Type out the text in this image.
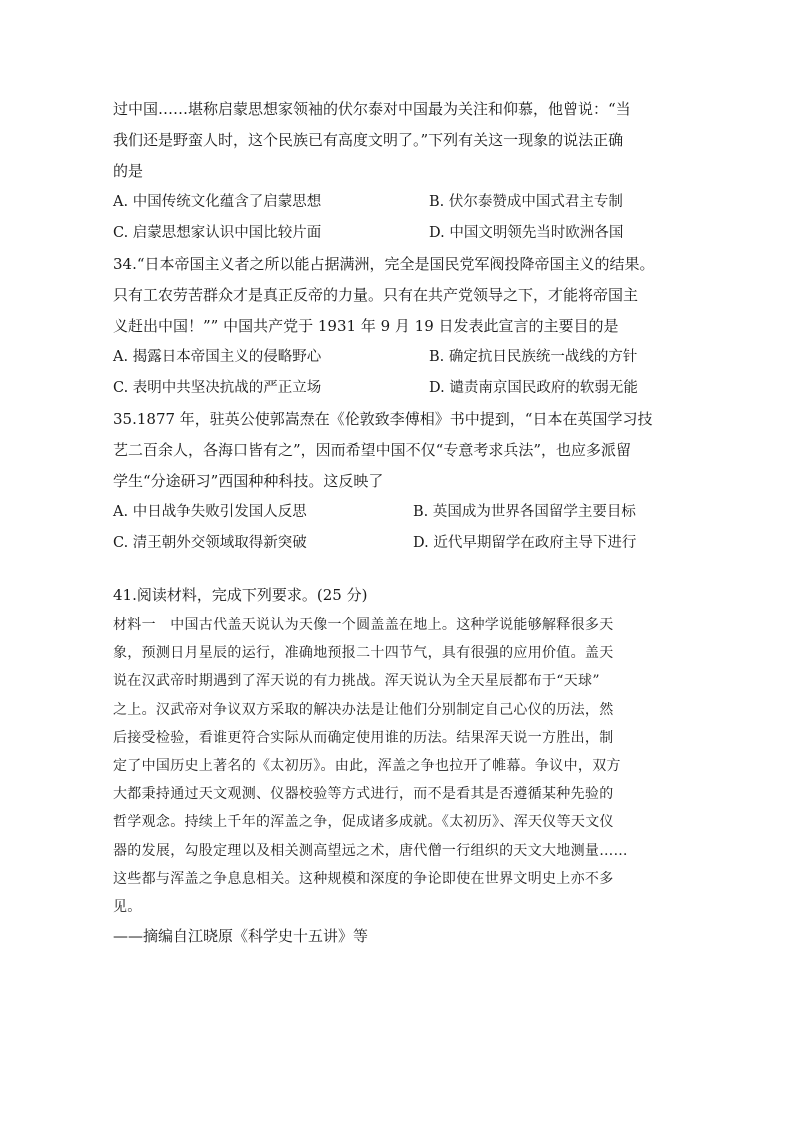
过中国……堪称启蒙思想家领袖的伏尔泰对中国最为关注和仰慕，他曾说：“当

我们还是野蛮人时，这个民族已有高度文明了。”下列有关这一现象的说法正确

的是

A. 中国传统文化蕴含了启蒙思想	B. 伏尔泰赞成中国式君主专制
C. 启蒙思想家认识中国比较片面	D. 中国文明领先当时欧洲各国

34.“日本帝国主义者之所以能占据满洲，完全是国民党军阀投降帝国主义的结果。

只有工农劳苦群众才是真正反帝的力量。只有在共产党领导之下，才能将帝国主

义赶出中国！”” 中国共产党于 1931 年 9 月 19 日发表此宣言的主要目的是

A. 揭露日本帝国主义的侵略野心	B. 确定抗日民族统一战线的方针
C. 表明中共坚决抗战的严正立场	D. 谴责南京国民政府的软弱无能

35.1877 年，驻英公使郭嵩焘在《伦敦致李傅相》书中提到，“日本在英国学习技

艺二百余人，各海口皆有之”，因而希望中国不仅“专意考求兵法”，也应多派留

学生“分途研习”西国种种科技。这反映了

A. 中日战争失败引发国人反思	B. 英国成为世界各国留学主要目标
C. 清王朝外交领域取得新突破	D. 近代早期留学在政府主导下进行

41.阅读材料，完成下列要求。(25 分)

材料一　中国古代盖天说认为天像一个圆盖盖在地上。这种学说能够解释很多天

象，预测日月星辰的运行，准确地预报二十四节气，具有很强的应用价值。盖天

说在汉武帝时期遇到了浑天说的有力挑战。浑天说认为全天星辰都布于“天球”

之上。汉武帝对争议双方采取的解决办法是让他们分别制定自己心仪的历法，然

后接受检验，看谁更符合实际从而确定使用谁的历法。结果浑天说一方胜出，制

定了中国历史上著名的《太初历》。由此，浑盖之争也拉开了帷幕。争议中，双方

大都秉持通过天文观测、仪器校验等方式进行，而不是看其是否遵循某种先验的

哲学观念。持续上千年的浑盖之争，促成诸多成就。《太初历》、浑天仪等天文仪

器的发展，勾股定理以及相关测高望远之术，唐代僧一行组织的天文大地测量……

这些都与浑盖之争息息相关。这种规模和深度的争论即使在世界文明史上亦不多

见。

——摘编自江晓原《科学史十五讲》等
